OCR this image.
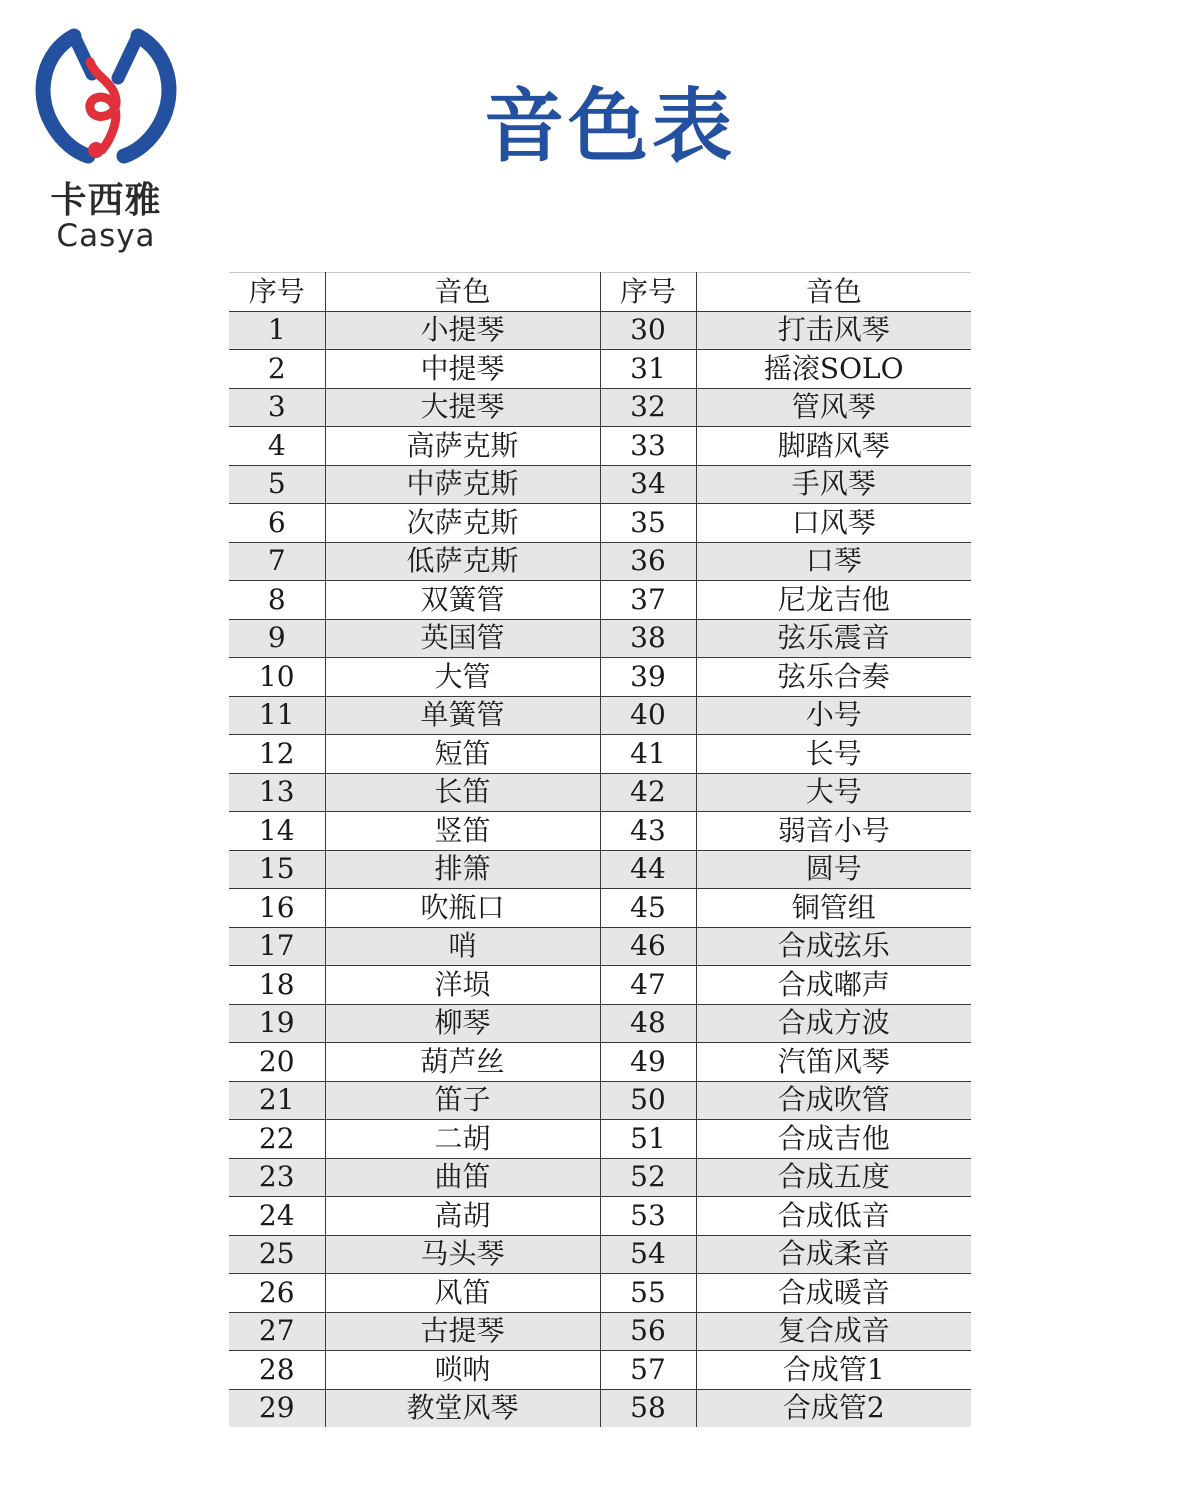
卡西雅
Casya
音色表
序号	音色	序号	音色
1	小提琴	30	打击风琴
2	中提琴	31	摇滚SOLO
3	大提琴	32	管风琴
4	高萨克斯	33	脚踏风琴
5	中萨克斯	34	手风琴
6	次萨克斯	35	口风琴
7	低萨克斯	36	口琴
8	双簧管	37	尼龙吉他
9	英国管	38	弦乐震音
10	大管	39	弦乐合奏
11	单簧管	40	小号
12	短笛	41	长号
13	长笛	42	大号
14	竖笛	43	弱音小号
15	排箫	44	圆号
16	吹瓶口	45	铜管组
17	哨	46	合成弦乐
18	洋埙	47	合成嘟声
19	柳琴	48	合成方波
20	葫芦丝	49	汽笛风琴
21	笛子	50	合成吹管
22	二胡	51	合成吉他
23	曲笛	52	合成五度
24	高胡	53	合成低音
25	马头琴	54	合成柔音
26	风笛	55	合成暖音
27	古提琴	56	复合成音
28	唢呐	57	合成管1
29	教堂风琴	58	合成管2
